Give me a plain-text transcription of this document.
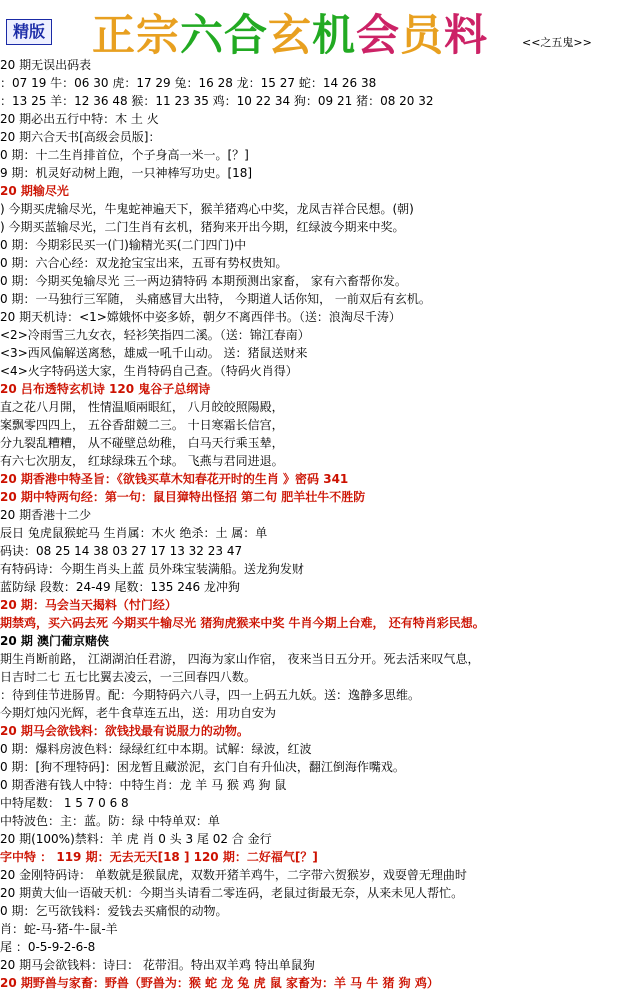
精版 正宗六合玄机会员料	<<之五鬼>>
20 期无误出码表
：07 19 牛：06 30 虎：17 29 兔：16 28 龙：15 27 蛇：14 26 38
：13 25 羊：12 36 48 猴：11 23 35 鸡：10 22 34 狗：09 21 猪：08 20 32
20 期必出五行中特：木 土 火
20 期六合天书[高级会员版]：
0 期：十二生肖排首位，个子身高一米一。[？]
9 期：机灵好动树上跑，一只神棒写功史。[18]
20 期输尽光
) 今期买虎输尽光，牛鬼蛇神遍天下，猴羊猪鸡心中奖，龙凤吉祥合民想。(朝)
) 今期买蓝输尽光，二门生肖有玄机，猪狗来开出今期，红绿波今期来中奖。
0 期：今期彩民买一(门)输精光买(二门四门)中
0 期：六合心经：双龙抢宝宝出来，五哥有势权贵知。
0 期：今期买兔输尽光 三一两边猜特码 本期预测出家畜， 家有六畜帮你发。
0 期：一马独行三军随， 头痛感冒大出特， 今期道人话你知， 一前双后有玄机。
20 期天机诗：<1>嫦娥怀中姿多娇，朝夕不离西伴书。（送：浪淘尽千涛）
<2>冷雨雪三九女衣，轻衫笑指四二溪。（送：锦江春南）
<3>西风偏解送离愁，雄威一吼千山动。 送：猪鼠送财来
<4>火字特码送大家，生肖特码自己查。（特码火肖得）
20 吕布透特玄机诗 120 鬼谷子总纲诗
直之花八月開， 性情温順兩眼紅， 八月皎皎照陽殿，
案飘零四四上， 五谷香甜競二三。 十日寒霜长信宫，
分九裂乱糟糟， 从不碰壁总幼稚， 白马天行乘玉辇，
有六七次朋友， 红球绿珠五个球。 飞燕与君同进退。
20 期香港中特圣旨：《欲钱买草木知春花开时的生肖 》密码 341
20 期中特两句经：第一句：鼠目獐特出怪招 第二句 肥羊壮牛不胜防
20 期香港十二少
辰日 兔虎鼠猴蛇马 生肖属：木火 绝杀：土 属：单
码诀：08 25 14 38 03 27 17 13 32 23 47
有特码诗：今期生肖头上蓝 员外珠宝装满船。送龙狗发财
蓝防绿 段数：24-49 尾数：135 246 龙冲狗
20 期：马会当天揭料（忖门经）
期禁鸡，买六码去死 今期买牛输尽光 猪狗虎猴来中奖 牛肖今期上台难， 还有特肖彩民想。
20 期 澳门葡京赌侠
期生肖断前路， 江湖湖泊任君游， 四海为家山作宿， 夜来当日五分开。死去活来叹气息，
日吉时二七 五七比翼去凌云，一三回春四八数。
：待到佳节进肠胃。配：今期特码六八寻，四一上码五九妖。送：逸静多思维。
今期灯烛闪光辉，老牛食草连五出，送：用功自安为
20 期马会欲钱料：欲钱找最有说服力的动物。
0 期：爆料房波色料：绿绿红红中本期。试解：绿波，红波
0 期：[狗不理特码]：困龙暂且藏淤泥，玄门自有升仙决，翻江倒海作嘴戏。
0 期香港有钱人中特：中特生肖：龙 羊 马 猴 鸡 狗 鼠
中特尾数： 1 5 7 0 6 8
中特波色：主：蓝。防：绿 中特单双：单
20 期(100%)禁料：羊 虎 肖 0 头 3 尾 02 合 金行
字中特 ： 119 期：无去无天[18 ] 120 期：二好福气[？]
20 金刚特码诗： 单数就是猴鼠虎，双数开猪羊鸡牛，二字带六贺猴岁，戏耍曾无理曲时
20 期黄大仙一语破天机：今期当头请看二零连码，老鼠过街最无奈，从来未见人帮忙。
0 期：乞丐欲钱料：爱钱去买痛恨的动物。
肖：蛇-马-猪-牛-鼠-羊
尾 ：0-5-9-2-6-8
20 期马会欲钱料：诗曰： 花带泪。特出双羊鸡 特出单鼠狗
20 期野兽与家畜：野兽（野兽为：猴 蛇 龙 兔 虎 鼠 家畜为：羊 马 牛 猪 狗 鸡）
